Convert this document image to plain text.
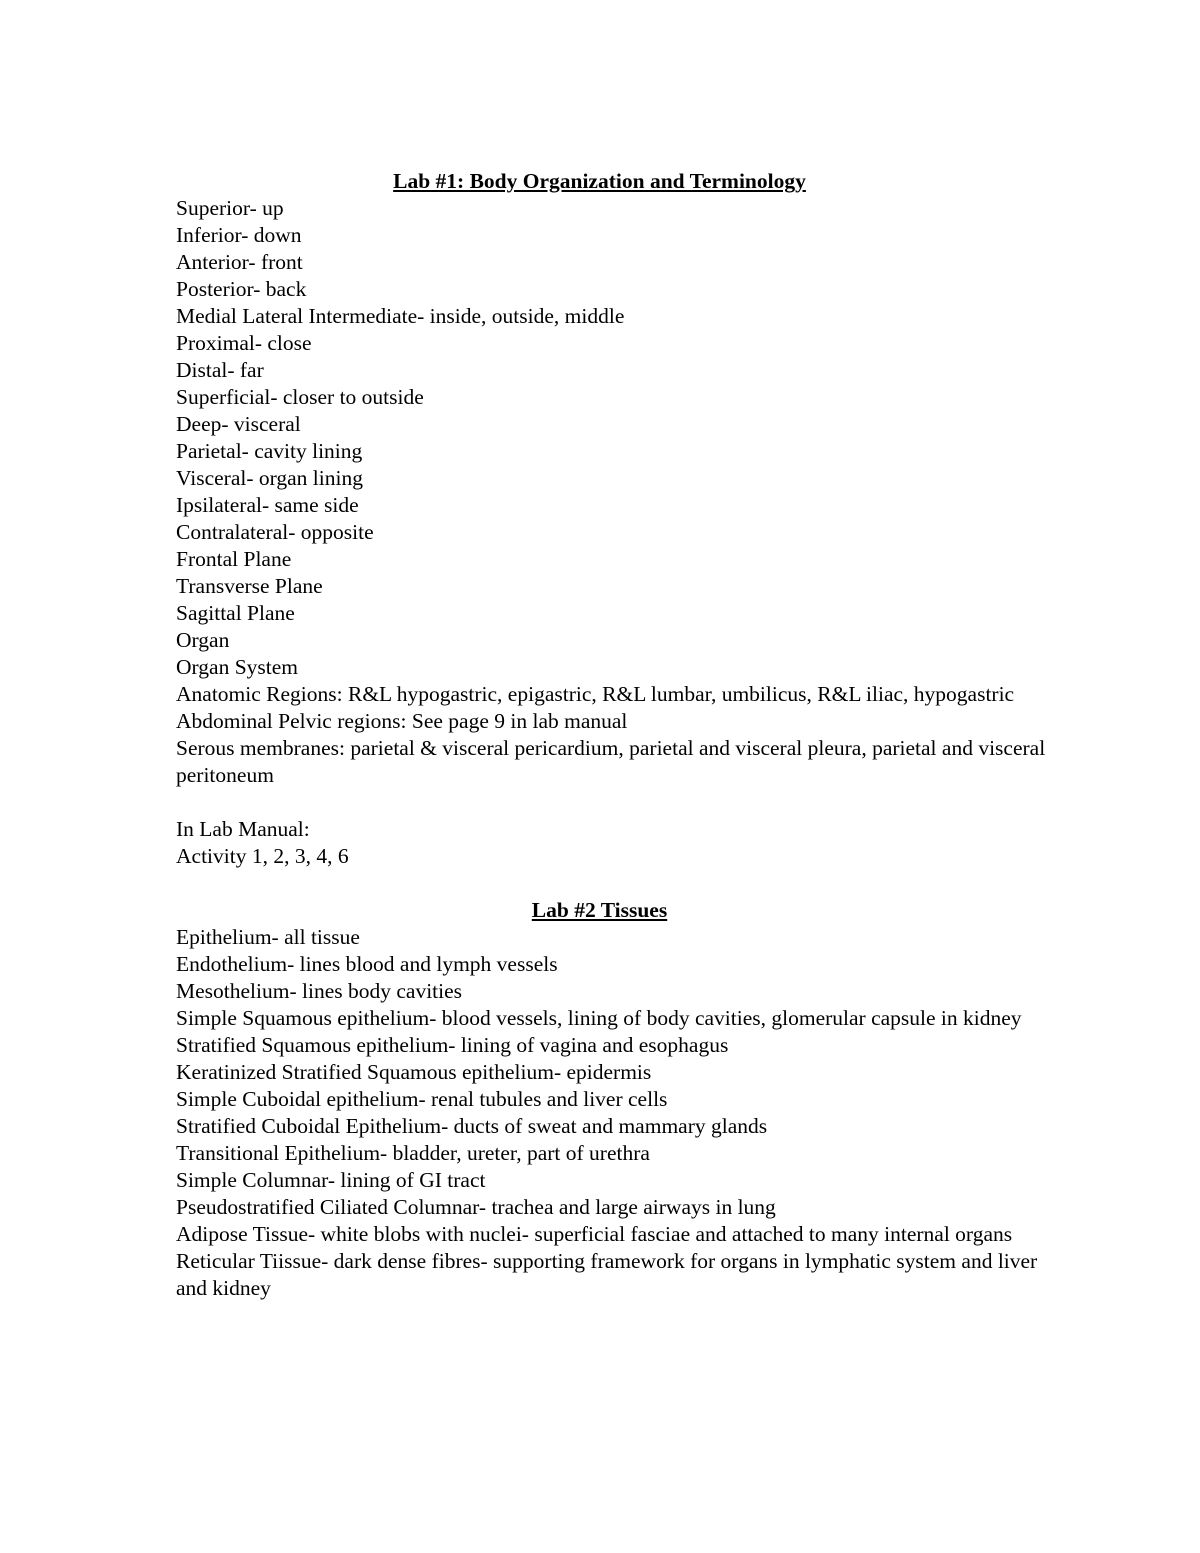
Lab #1: Body Organization and Terminology

Superior- up

Inferior- down

Anterior- front

Posterior- back

Medial Lateral Intermediate- inside, outside, middle

Proximal- close

Distal- far

Superficial- closer to outside

Deep- visceral

Parietal- cavity lining

Visceral- organ lining

Ipsilateral- same side

Contralateral- opposite

Frontal Plane

Transverse Plane

Sagittal Plane

Organ

Organ System

Anatomic Regions: R&L hypogastric, epigastric, R&L lumbar, umbilicus, R&L iliac, hypogastric

Abdominal Pelvic regions: See page 9 in lab manual

Serous membranes: parietal & visceral pericardium, parietal and visceral pleura, parietal and visceral peritoneum

In Lab Manual:

Activity 1, 2, 3, 4, 6

Lab #2 Tissues

Epithelium- all tissue

Endothelium- lines blood and lymph vessels

Mesothelium- lines body cavities

Simple Squamous epithelium- blood vessels, lining of body cavities, glomerular capsule in kidney

Stratified Squamous epithelium- lining of vagina and esophagus

Keratinized Stratified Squamous epithelium- epidermis

Simple Cuboidal epithelium- renal tubules and liver cells

Stratified Cuboidal Epithelium- ducts of sweat and mammary glands

Transitional Epithelium- bladder, ureter, part of urethra

Simple Columnar- lining of GI tract

Pseudostratified Ciliated Columnar- trachea and large airways in lung

Adipose Tissue- white blobs with nuclei- superficial fasciae and attached to many internal organs

Reticular Tiissue- dark dense fibres- supporting framework for organs in lymphatic system and liver and kidney
